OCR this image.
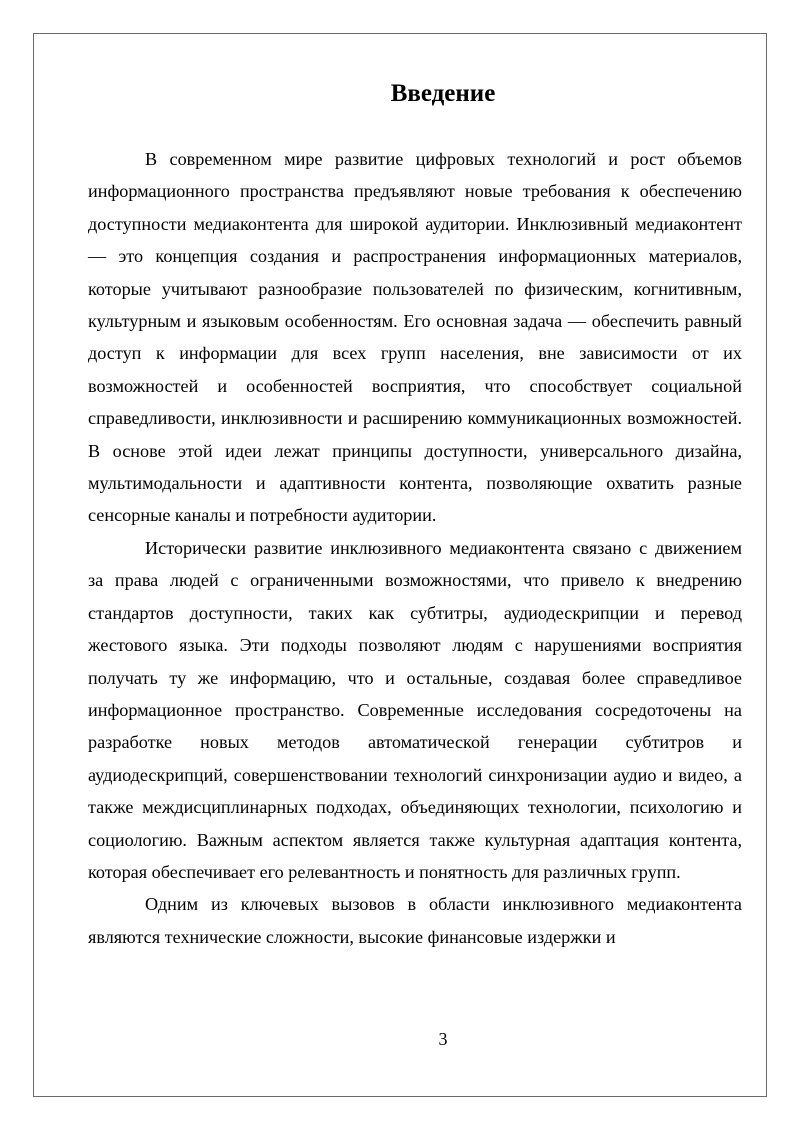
Введение

В современном мире развитие цифровых технологий и рост объемов информационного пространства предъявляют новые требования к обеспечению доступности медиаконтента для широкой аудитории. Инклюзивный медиаконтент — это концепция создания и распространения информационных материалов, которые учитывают разнообразие пользователей по физическим, когнитивным, культурным и языковым особенностям. Его основная задача — обеспечить равный доступ к информации для всех групп населения, вне зависимости от их возможностей и особенностей восприятия, что способствует социальной справедливости, инклюзивности и расширению коммуникационных возможностей. В основе этой идеи лежат принципы доступности, универсального дизайна, мультимодальности и адаптивности контента, позволяющие охватить разные сенсорные каналы и потребности аудитории.

Исторически развитие инклюзивного медиаконтента связано с движением за права людей с ограниченными возможностями, что привело к внедрению стандартов доступности, таких как субтитры, аудиодескрипции и перевод жестового языка. Эти подходы позволяют людям с нарушениями восприятия получать ту же информацию, что и остальные, создавая более справедливое информационное пространство. Современные исследования сосредоточены на разработке новых методов автоматической генерации субтитров и аудиодескрипций, совершенствовании технологий синхронизации аудио и видео, а также междисциплинарных подходах, объединяющих технологии, психологию и социологию. Важным аспектом является также культурная адаптация контента, которая обеспечивает его релевантность и понятность для различных групп.

Одним из ключевых вызовов в области инклюзивного медиаконтента являются технические сложности, высокие финансовые издержки и

3
